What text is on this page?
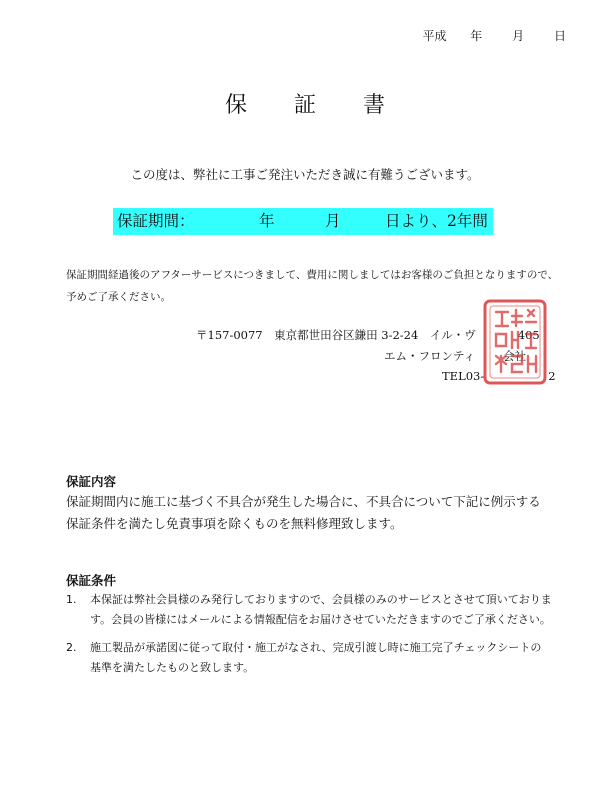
平成 年 月 日
保 証 書
この度は、弊社に工事ご発注いただき誠に有難うございます。
保証期間：	年	月	日より、2年間
保証期間経過後のアフターサービスにつきまして、費用に関しましてはお客様のご負担となりますので、予めご了承ください。
〒157-0077　東京都世田谷区鎌田 3-2-24　イル・ヴ	405
エム・フロンティ 会社
TEL03-	2
保証内容
保証期間内に施工に基づく不具合が発生した場合に、不具合について下記に例示する保証条件を満たし免責事項を除くものを無料修理致します。
保証条件
1. 本保証は弊社会員様のみ発行しておりますので、会員様のみのサービスとさせて頂いております。会員の皆様にはメールによる情報配信をお届けさせていただきますのでご了承ください。
2. 施工製品が承諾図に従って取付・施工がなされ、完成引渡し時に施工完了チェックシートの基準を満たしたものと致します。
